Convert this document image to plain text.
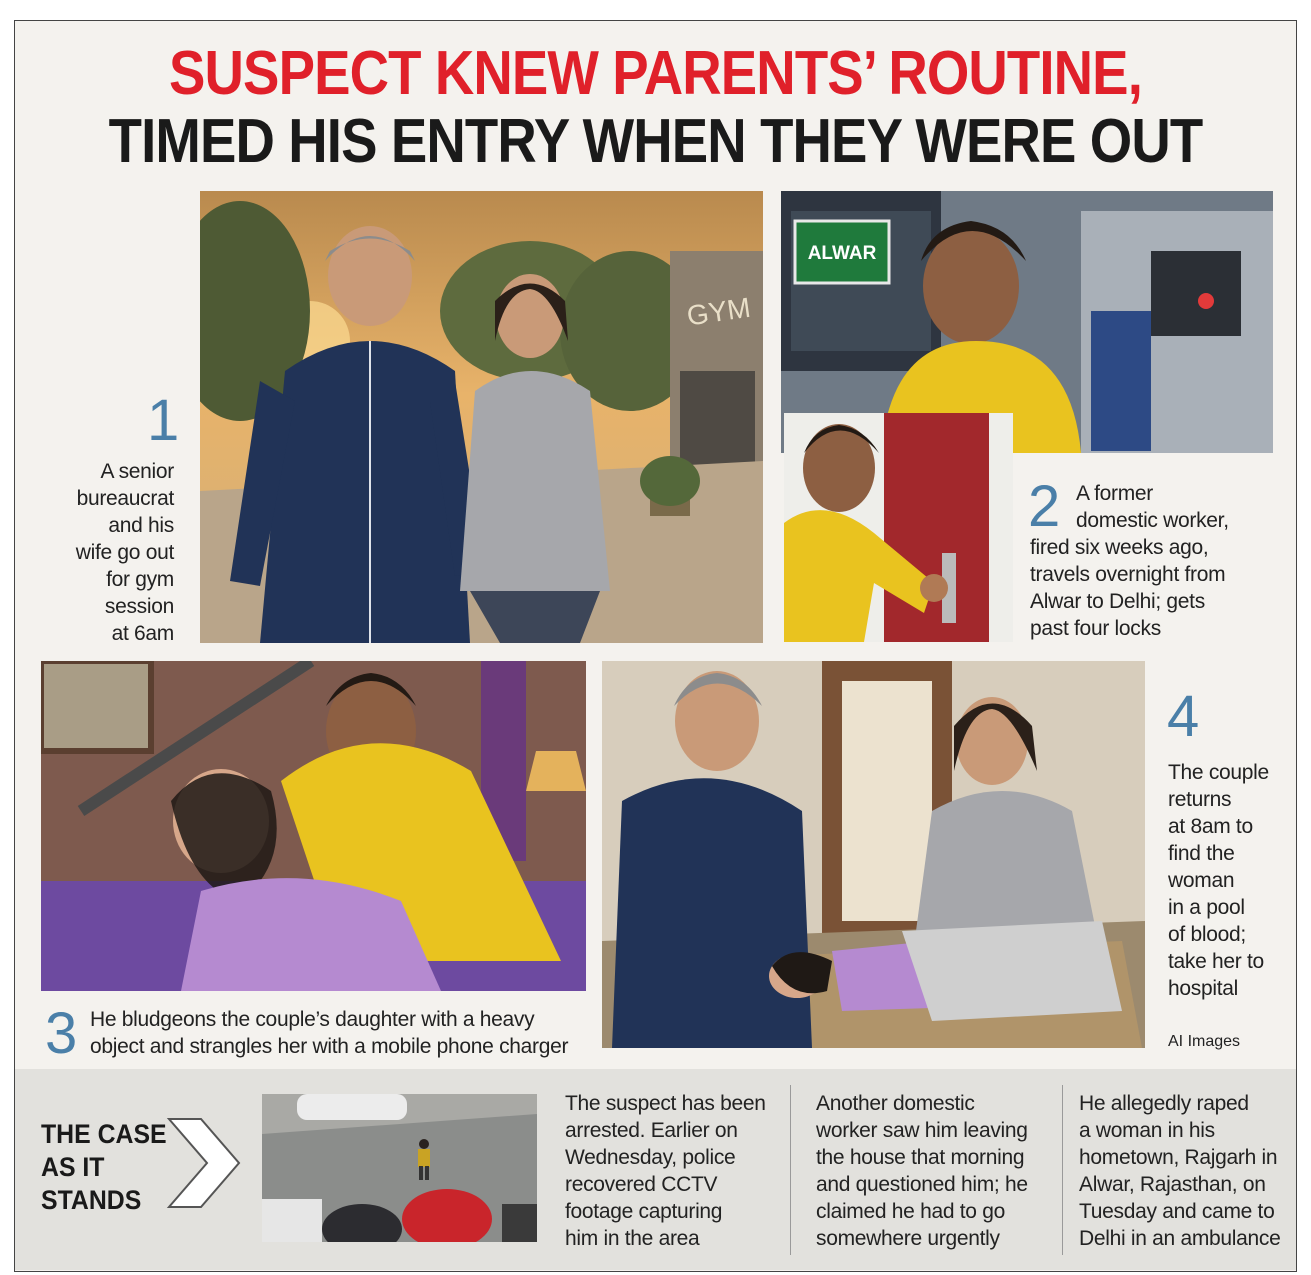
SUSPECT KNEW PARENTS’ ROUTINE,
TIMED HIS ENTRY WHEN THEY WERE OUT
GYM
1
A senior
bureaucrat
and his
wife go out
for gym
session
at 6am
ALWAR
2 A former
domestic worker,
fired six weeks ago,
travels overnight from
Alwar to Delhi; gets
past four locks
3 He bludgeons the couple’s daughter with a heavy
object and strangles her with a mobile phone charger
4
The couple
returns
at 8am to
find the
woman
in a pool
of blood;
take her to
hospital
AI Images
THE CASE
AS IT
STANDS
The suspect has been
arrested. Earlier on
Wednesday, police
recovered CCTV
footage capturing
him in the area
Another domestic
worker saw him leaving
the house that morning
and questioned him; he
claimed he had to go
somewhere urgently
He allegedly raped
a woman in his
hometown, Rajgarh in
Alwar, Rajasthan, on
Tuesday and came to
Delhi in an ambulance
